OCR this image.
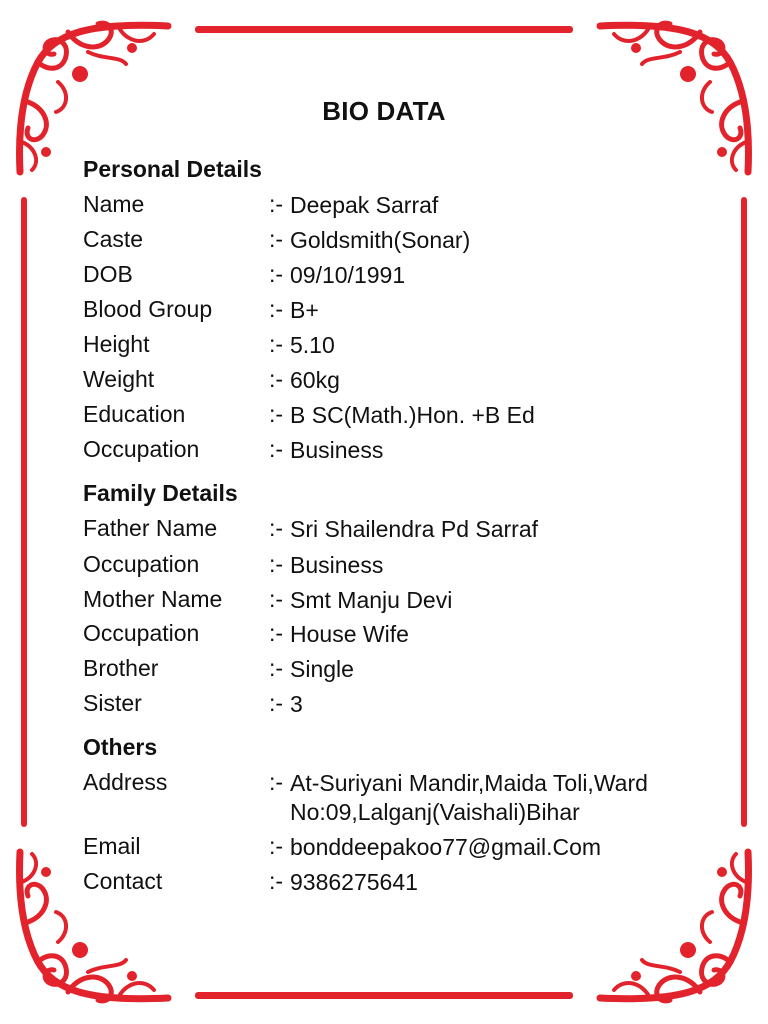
BIO DATA
Personal Details
Name	:- Deepak Sarraf
Caste	:- Goldsmith(Sonar)
DOB	:- 09/10/1991
Blood Group :- B+
Height	:- 5.10
Weight	:- 60kg
Education	:- B SC(Math.)Hon. +B Ed
Occupation	:- Business
Family Details
Father Name :- Sri Shailendra Pd Sarraf
Occupation	:- Business
Mother Name :- Smt Manju Devi
Occupation	:- House Wife
Brother	:- Single
Sister	:- 3
Others
Address	:- At-Suriyani Mandir,Maida Toli,Ward No:09,Lalganj(Vaishali)Bihar
Email	:- bonddeepakoo77@gmail.Com
Contact	:- 9386275641
